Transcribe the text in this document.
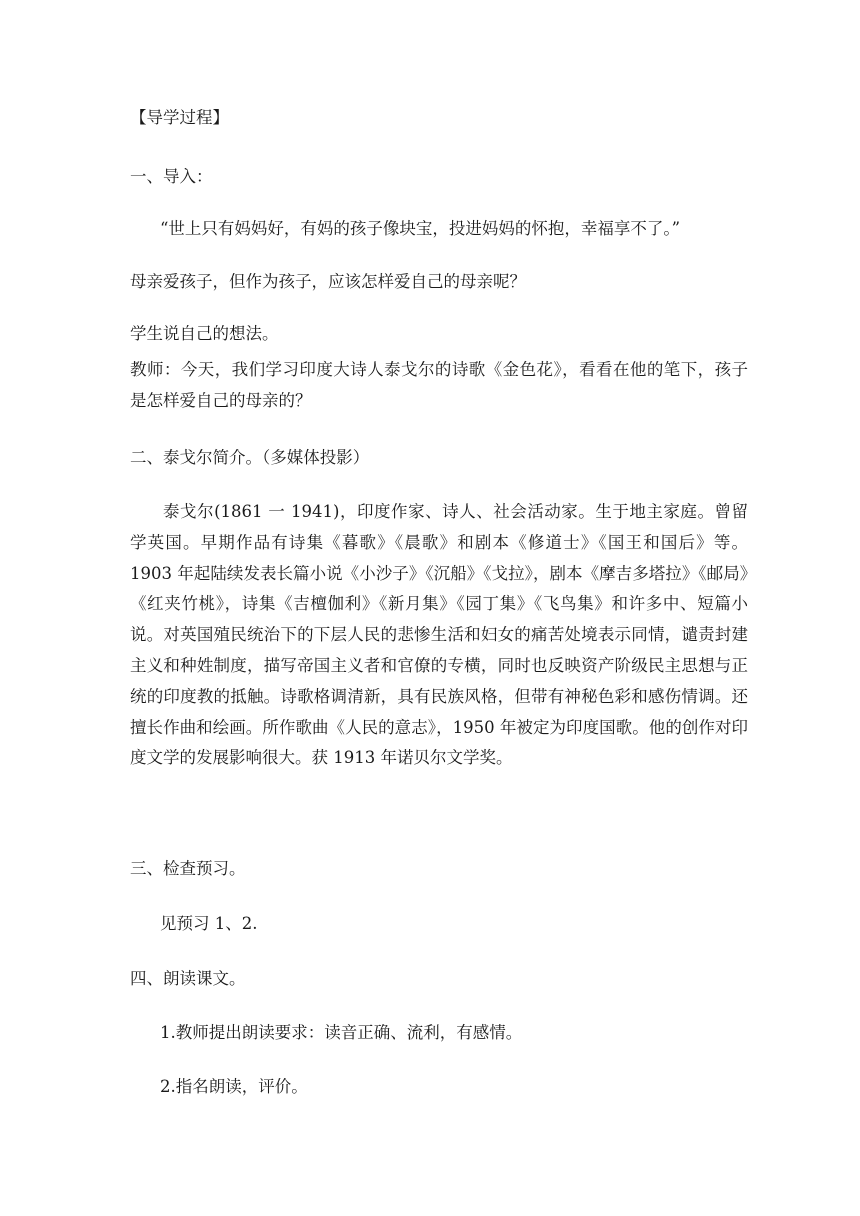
【导学过程】
一、导入：
“世上只有妈妈好，有妈的孩子像块宝，投进妈妈的怀抱，幸福享不了。”
母亲爱孩子，但作为孩子，应该怎样爱自己的母亲呢？
学生说自己的想法。
教师：今天，我们学习印度大诗人泰戈尔的诗歌《金色花》，看看在他的笔下，孩子是怎样爱自己的母亲的？
二、泰戈尔简介。（多媒体投影）
泰戈尔(1861 一 1941)，印度作家、诗人、社会活动家。生于地主家庭。曾留学英国。早期作品有诗集《暮歌》《晨歌》和剧本《修道士》《国王和国后》等。1903 年起陆续发表长篇小说《小沙子》《沉船》《戈拉》，剧本《摩吉多塔拉》《邮局》《红夹竹桃》，诗集《吉檀伽利》《新月集》《园丁集》《飞鸟集》和许多中、短篇小说。对英国殖民统治下的下层人民的悲惨生活和妇女的痛苦处境表示同情，谴责封建主义和种姓制度，描写帝国主义者和官僚的专横，同时也反映资产阶级民主思想与正统的印度教的抵触。诗歌格调清新，具有民族风格，但带有神秘色彩和感伤情调。还擅长作曲和绘画。所作歌曲《人民的意志》，1950 年被定为印度国歌。他的创作对印度文学的发展影响很大。获 1913 年诺贝尔文学奖。
三、检查预习。
见预习 1、2.
四、朗读课文。
1.教师提出朗读要求：读音正确、流利，有感情。
2.指名朗读，评价。
